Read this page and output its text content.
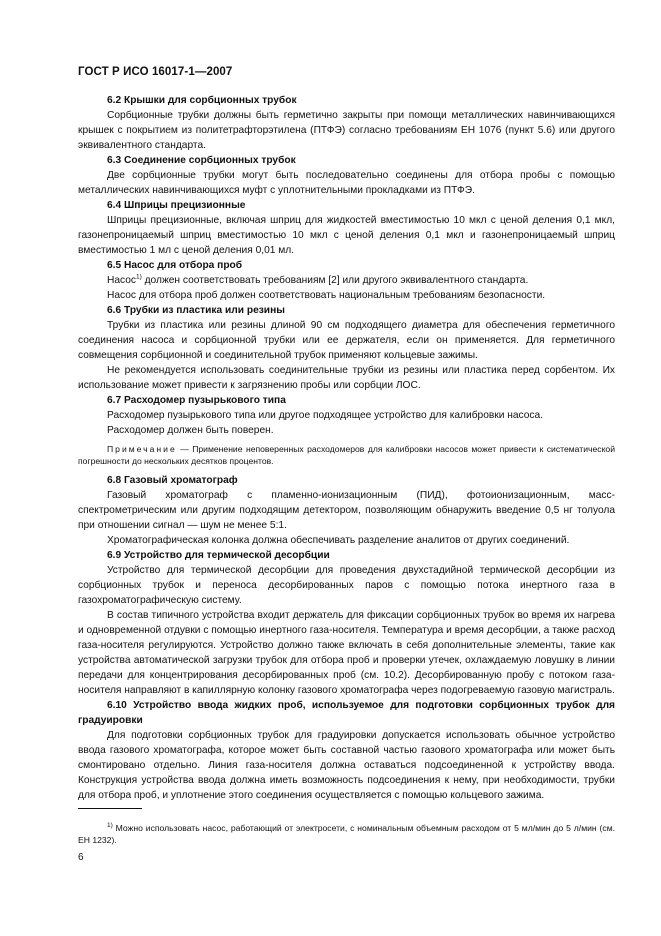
ГОСТ Р ИСО 16017-1—2007

6.2 Крышки для сорбционных трубок

Сорбционные трубки должны быть герметично закрыты при помощи металлических навинчивающихся крышек с покрытием из политетрафторэтилена (ПТФЭ) согласно требованиям ЕН 1076 (пункт 5.6) или другого эквивалентного стандарта.

6.3 Соединение сорбционных трубок

Две сорбционные трубки могут быть последовательно соединены для отбора пробы с помощью металлических навинчивающихся муфт с уплотнительными прокладками из ПТФЭ.

6.4 Шприцы прецизионные

Шприцы прецизионные, включая шприц для жидкостей вместимостью 10 мкл с ценой деления 0,1 мкл, газонепроницаемый шприц вместимостью 10 мкл с ценой деления 0,1 мкл и газонепроницаемый шприц вместимостью 1 мл с ценой деления 0,01 мл.

6.5 Насос для отбора проб

Насос$^{1)}$ должен соответствовать требованиям [2] или другого эквивалентного стандарта.

Насос для отбора проб должен соответствовать национальным требованиям безопасности.

6.6 Трубки из пластика или резины

Трубки из пластика или резины длиной 90 см подходящего диаметра для обеспечения герметичного соединения насоса и сорбционной трубки или ее держателя, если он применяется. Для герметичного совмещения сорбционной и соединительной трубок применяют кольцевые зажимы.

Не рекомендуется использовать соединительные трубки из резины или пластика перед сорбентом. Их использование может привести к загрязнению пробы или сорбции ЛОС.

6.7 Расходомер пузырькового типа

Расходомер пузырькового типа или другое подходящее устройство для калибровки насоса.

Расходомер должен быть поверен.

Примечание — Применение неповеренных расходомеров для калибровки насосов может привести к систематической погрешности до нескольких десятков процентов.

6.8 Газовый хроматограф

Газовый хроматограф с пламенно-ионизационным (ПИД), фотоионизационным, масс-спектрометрическим или другим подходящим детектором, позволяющим обнаружить введение 0,5 нг толуола при отношении сигнал — шум не менее 5:1.

Хроматографическая колонка должна обеспечивать разделение аналитов от других соединений.

6.9 Устройство для термической десорбции

Устройство для термической десорбции для проведения двухстадийной термической десорбции из сорбционных трубок и переноса десорбированных паров с помощью потока инертного газа в газохроматографическую систему.

В состав типичного устройства входит держатель для фиксации сорбционных трубок во время их нагрева и одновременной отдувки с помощью инертного газа-носителя. Температура и время десорбции, а также расход газа-носителя регулируются. Устройство должно также включать в себя дополнительные элементы, такие как устройства автоматической загрузки трубок для отбора проб и проверки утечек, охлаждаемую ловушку в линии передачи для концентрирования десорбированных проб (см. 10.2). Десорбированную пробу с потоком газа-носителя направляют в капиллярную колонку газового хроматографа через подогреваемую газовую магистраль.

6.10 Устройство ввода жидких проб, используемое для подготовки сорбционных трубок для градуировки

Для подготовки сорбционных трубок для градуировки допускается использовать обычное устройство ввода газового хроматографа, которое может быть составной частью газового хроматографа или может быть смонтировано отдельно. Линия газа-носителя должна оставаться подсоединенной к устройству ввода. Конструкция устройства ввода должна иметь возможность подсоединения к нему, при необходимости, трубки для отбора проб, и уплотнение этого соединения осуществляется с помощью кольцевого зажима.

$^{1)}$ Можно использовать насос, работающий от электросети, с номинальным объемным расходом от 5 мл/мин до 5 л/мин (см. ЕН 1232).

6
